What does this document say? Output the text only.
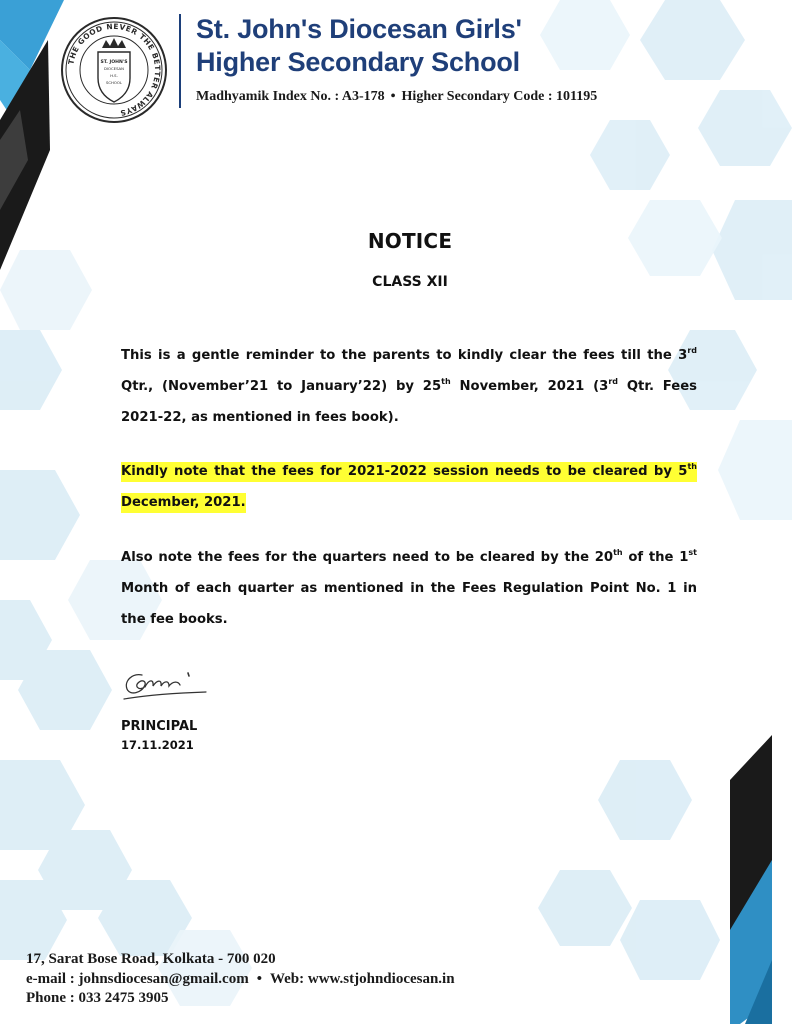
THE GOOD NEVER THE BETTER ALWAYS
ST. JOHN'S
DIOCESAN
H.S.
SCHOOL
St. John's Diocesan Girls'
Higher Secondary School
Madhyamik Index No. : A3-178 • Higher Secondary Code : 101195
NOTICE
CLASS XII

This is a gentle reminder to the parents to kindly clear the fees till the 3rd Qtr., (November’21 to January’22) by 25th November, 2021 (3rd Qtr. Fees 2021-22, as mentioned in fees book).

Kindly note that the fees for 2021-2022 session needs to be cleared by 5th December, 2021.

Also note the fees for the quarters need to be cleared by the 20th of the 1st Month of each quarter as mentioned in the Fees Regulation Point No. 1 in the fee books.

PRINCIPAL
17.11.2021
17, Sarat Bose Road, Kolkata - 700 020
e-mail : johnsdiocesan@gmail.com • Web: www.stjohndiocesan.in
Phone : 033 2475 3905
